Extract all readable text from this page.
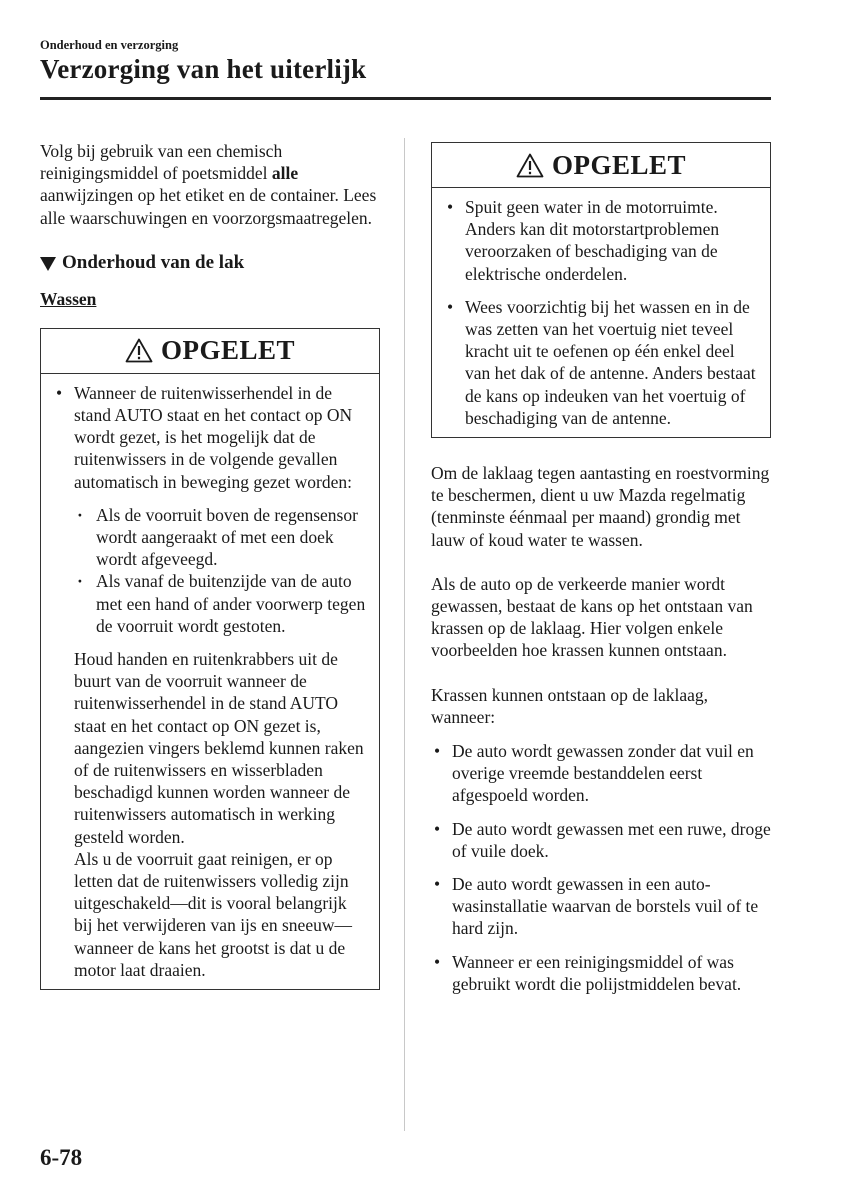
Onderhoud en verzorging
Verzorging van het uiterlijk

Volg bij gebruik van een chemisch reinigingsmiddel of poetsmiddel alle aanwijzingen op het etiket en de container. Lees alle waarschuwingen en voorzorgsmaatregelen.

Onderhoud van de lak
Wassen
OPGELET
• Wanneer de ruitenwisserhendel in de stand AUTO staat en het contact op ON wordt gezet, is het mogelijk dat de ruitenwissers in de volgende gevallen automatisch in beweging gezet worden:
· Als de voorruit boven de regensensor wordt aangeraakt of met een doek wordt afgeveegd.
· Als vanaf de buitenzijde van de auto met een hand of ander voorwerp tegen de voorruit wordt gestoten.

Houd handen en ruitenkrabbers uit de buurt van de voorruit wanneer de ruitenwisserhendel in de stand AUTO staat en het contact op ON gezet is, aangezien vingers beklemd kunnen raken of de ruitenwissers en wisserbladen beschadigd kunnen worden wanneer de ruitenwissers automatisch in werking gesteld worden.

Als u de voorruit gaat reinigen, er op letten dat de ruitenwissers volledig zijn uitgeschakeld—dit is vooral belangrijk bij het verwijderen van ijs en sneeuw—wanneer de kans het grootst is dat u de motor laat draaien.

OPGELET
• Spuit geen water in de motorruimte. Anders kan dit motorstartproblemen veroorzaken of beschadiging van de elektrische onderdelen.
• Wees voorzichtig bij het wassen en in de was zetten van het voertuig niet teveel kracht uit te oefenen op één enkel deel van het dak of de antenne. Anders bestaat de kans op indeuken van het voertuig of beschadiging van de antenne.

Om de laklaag tegen aantasting en roestvorming te beschermen, dient u uw Mazda regelmatig (tenminste éénmaal per maand) grondig met lauw of koud water te wassen.

Als de auto op de verkeerde manier wordt gewassen, bestaat de kans op het ontstaan van krassen op de laklaag. Hier volgen enkele voorbeelden hoe krassen kunnen ontstaan.

Krassen kunnen ontstaan op de laklaag, wanneer:

• De auto wordt gewassen zonder dat vuil en overige vreemde bestanddelen eerst afgespoeld worden.
• De auto wordt gewassen met een ruwe, droge of vuile doek.
• De auto wordt gewassen in een auto-wasinstallatie waarvan de borstels vuil of te hard zijn.
• Wanneer er een reinigingsmiddel of was gebruikt wordt die polijstmiddelen bevat.
6-78
